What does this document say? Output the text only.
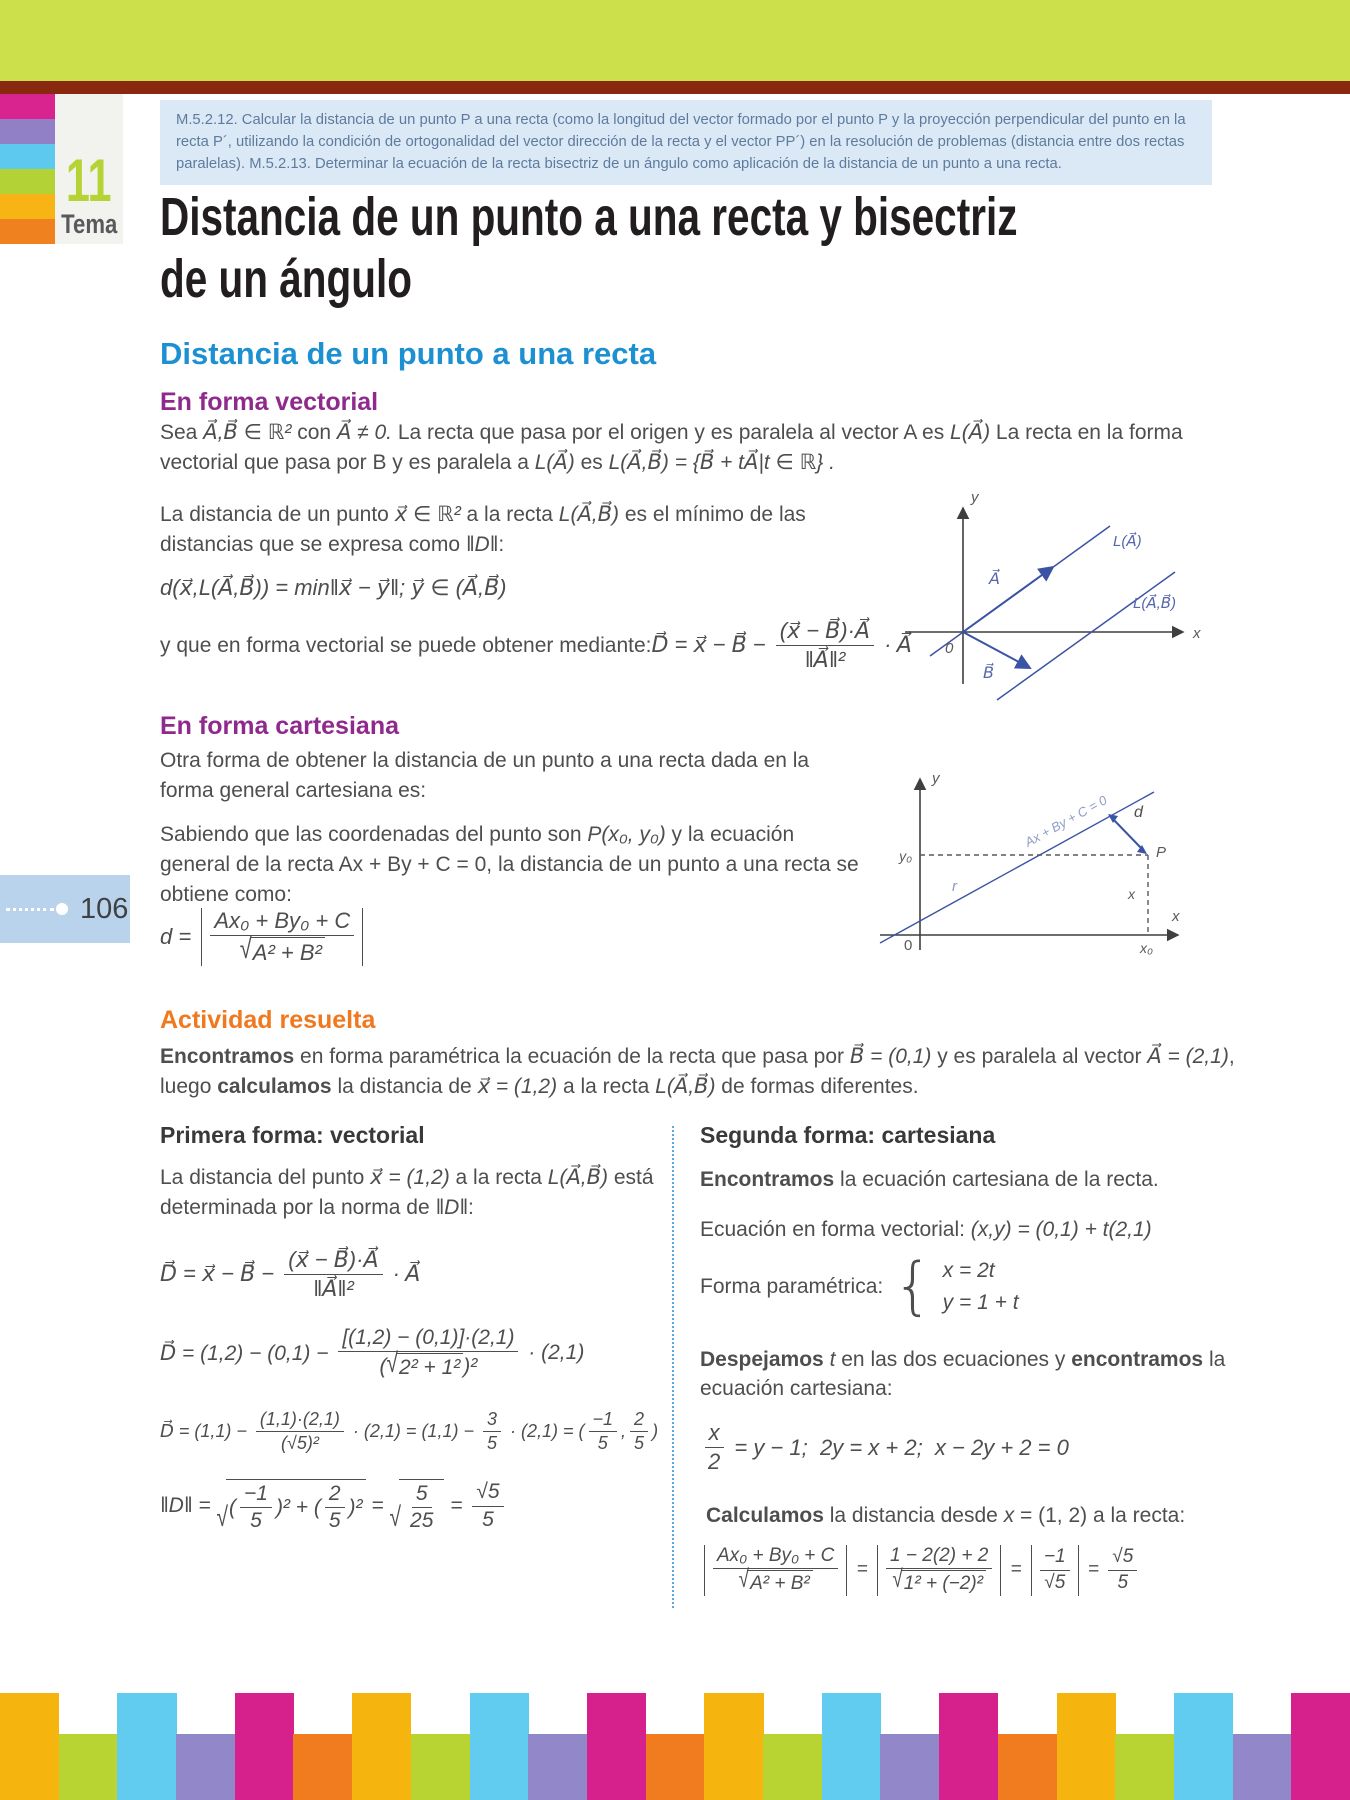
11
Tema
M.5.2.12. Calcular la distancia de un punto P a una recta (como la longitud del vector formado por el punto P y la proyección perpendicular del punto en la recta P´, utilizando la condición de ortogonalidad del vector dirección de la recta y el vector PP´) en la resolución de problemas (distancia entre dos rectas paralelas). M.5.2.13. Determinar la ecuación de la recta bisectriz de un ángulo como aplicación de la distancia de un punto a una recta.
Distancia de un punto a una recta y bisectriz
de un ángulo
Distancia de un punto a una recta
En forma vectorial

Sea A⃗,B⃗ ∈ ℝ² con A⃗ ≠ 0. La recta que pasa por el origen y es paralela al vector A es L(A⃗) La recta en la forma vectorial que pasa por B y es paralela a L(A⃗) es L(A⃗,B⃗) = {B⃗ + tA⃗|t ∈ ℝ} .

La distancia de un punto x⃗ ∈ ℝ² a la recta L(A⃗,B⃗) es el mínimo de las distancias que se expresa como ‖D‖:

d(x⃗,L(A⃗,B⃗)) = min‖x⃗ − y⃗‖; y⃗ ∈ (A⃗,B⃗)
y que en forma vectorial se puede obtener mediante: D⃗ = x⃗ − B⃗ − $\frac{(x⃗ - B⃗)\cdot A⃗}{\text{‖A⃗‖²}}$ · A⃗
y
x
0
A⃗
B⃗
L(A⃗)
L(A⃗,B⃗)
En forma cartesiana

Otra forma de obtener la distancia de un punto a una recta dada en la forma general cartesiana es:

Sabiendo que las coordenadas del punto son P(x₀, y₀) y la ecuación general de la recta Ax + By + C = 0, la distancia de un punto a una recta se obtiene como:

$d = \frac{\text{Ax₀ + By₀ + C}}{\text{√ A² + B²}}$
y
x
0
r
Ax + By + C = 0 d
P
y₀
x₀
x
106
Actividad resuelta

Encontramos en forma paramétrica la ecuación de la recta que pasa por B⃗ = (0,1) y es paralela al vector A⃗ = (2,1), luego calculamos la distancia de x⃗ = (1,2) a la recta L(A⃗,B⃗) de formas diferentes.

Primera forma: vectorial

La distancia del punto x⃗ = (1,2) a la recta L(A⃗,B⃗) está determinada por la norma de ‖D‖:

D⃗ = x⃗ − B⃗ − $\frac{(x⃗ - B⃗)\cdot A⃗}{\text{‖A⃗‖²}}$ · A⃗

D⃗ = $(1,2) - (0,1) - \frac{[(1,2) - (0,1)]\cdot(2,1)}{\text{( √ 2² + 1² )²}} \cdot (2,1)$

D⃗ = $(1,1) - \frac{(1,1)\cdot(2,1)}{\text{(√5)²}} \cdot (2,1) = (1,1) - \frac{3}{5} \cdot (2,1)$ = ( $\frac{-1}{5}$ , $\frac{2}{5}$ )

‖D‖ = √ ( $\frac{-1}{5} )^2$ + ( $\frac{2}{5} )^2$ = √ $\frac{5}{25} = \frac{√5}{5}$
Segunda forma: cartesiana

Encontramos la ecuación cartesiana de la recta.

Ecuación en forma vectorial: (x,y) = (0,1) + t(2,1)

Forma paramétrica: { x = 2t
y = 1 + t

Despejamos t en las dos ecuaciones y encontramos la ecuación cartesiana:

$\frac{x}{2} = y - 1$;  2y = x + 2;  x − 2y + 2 = 0

Calculamos la distancia desde x = (1, 2) a la recta:

$\frac{\text{Ax₀ + By₀ + C}}{\text{√ A² + B²}} = \frac{1 - 2(2) + 2}{\text{√ 1² + (−2)²}} = \frac{-1}{√5} = \frac{√5}{5}$
